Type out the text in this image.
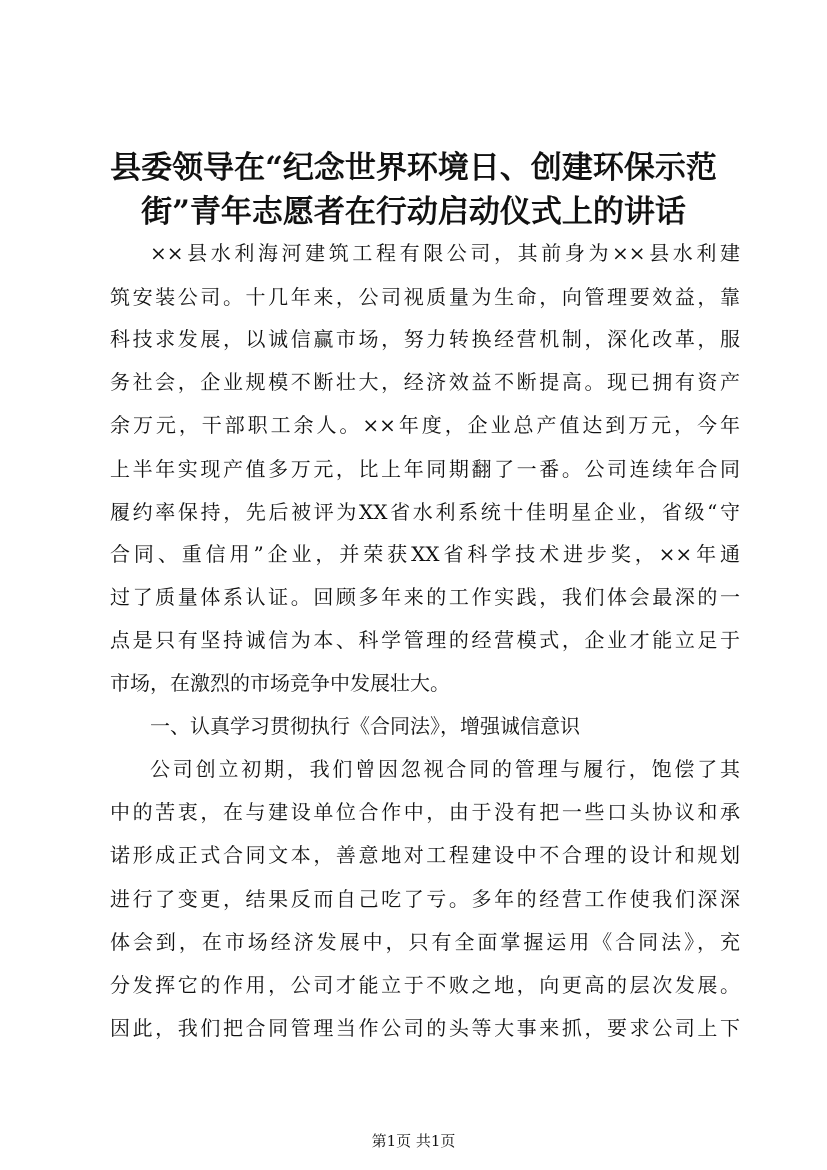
县委领导在“纪念世界环境日、创建环保示范
街”青年志愿者在行动启动仪式上的讲话
××县水利海河建筑工程有限公司，其前身为××县水利建
筑安装公司。十几年来，公司视质量为生命，向管理要效益，靠
科技求发展，以诚信赢市场，努力转换经营机制，深化改革，服
务社会，企业规模不断壮大，经济效益不断提高。现已拥有资产
余万元，干部职工余人。××年度，企业总产值达到万元，今年
上半年实现产值多万元，比上年同期翻了一番。公司连续年合同
履约率保持，先后被评为XX省水利系统十佳明星企业，省级“守
合同、重信用”企业，并荣获XX省科学技术进步奖，××年通
过了质量体系认证。回顾多年来的工作实践，我们体会最深的一
点是只有坚持诚信为本、科学管理的经营模式，企业才能立足于
市场，在激烈的市场竞争中发展壮大。
一、认真学习贯彻执行《合同法》，增强诚信意识
公司创立初期，我们曾因忽视合同的管理与履行，饱偿了其
中的苦衷，在与建设单位合作中，由于没有把一些口头协议和承
诺形成正式合同文本，善意地对工程建设中不合理的设计和规划
进行了变更，结果反而自己吃了亏。多年的经营工作使我们深深
体会到，在市场经济发展中，只有全面掌握运用《合同法》，充
分发挥它的作用，公司才能立于不败之地，向更高的层次发展。
因此，我们把合同管理当作公司的头等大事来抓，要求公司上下
第1页 共1页
